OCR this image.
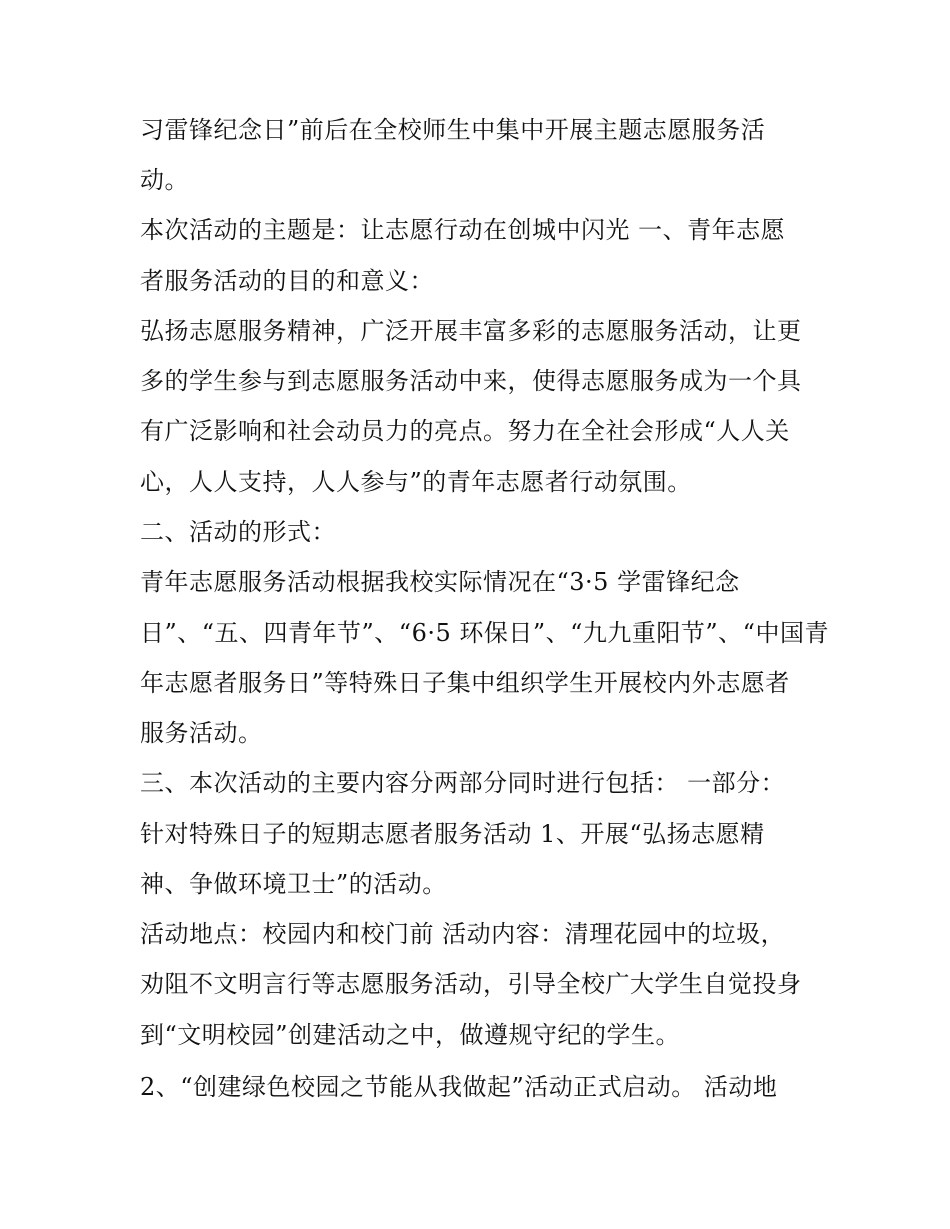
习雷锋纪念日”前后在全校师生中集中开展主题志愿服务活

动。

本次活动的主题是：让志愿行动在创城中闪光 一、青年志愿

者服务活动的目的和意义：

弘扬志愿服务精神，广泛开展丰富多彩的志愿服务活动，让更

多的学生参与到志愿服务活动中来，使得志愿服务成为一个具

有广泛影响和社会动员力的亮点。努力在全社会形成“人人关

心，人人支持，人人参与”的青年志愿者行动氛围。

二、活动的形式：

青年志愿服务活动根据我校实际情况在“3·5 学雷锋纪念

日”、“五、四青年节”、“6·5 环保日”、“九九重阳节”、“中国青

年志愿者服务日”等特殊日子集中组织学生开展校内外志愿者

服务活动。

三、本次活动的主要内容分两部分同时进行包括： 一部分：

针对特殊日子的短期志愿者服务活动 1、开展“弘扬志愿精

神、争做环境卫士”的活动。

活动地点：校园内和校门前 活动内容：清理花园中的垃圾，

劝阻不文明言行等志愿服务活动，引导全校广大学生自觉投身

到“文明校园”创建活动之中，做遵规守纪的学生。

2、“创建绿色校园之节能从我做起”活动正式启动。 活动地
